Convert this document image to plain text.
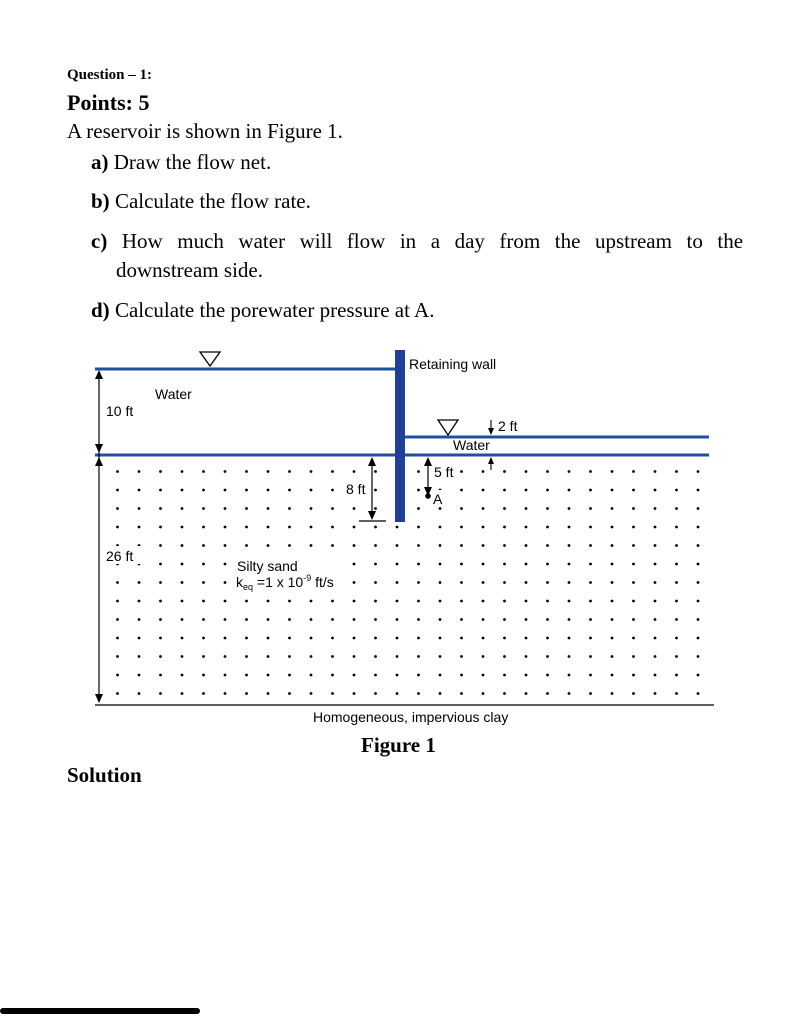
Question – 1:
Points: 5
A reservoir is shown in Figure 1.
a) Draw the flow net.
b) Calculate the flow rate.
c) How much water will flow in a day from the upstream to the
downstream side.
d) Calculate the porewater pressure at A.
Retaining wall
Water
Water
10 ft
26 ft
8 ft
5 ft
A
2 ft
Silty sand
$k_{eq} =1$ x $10^{-9}$ ft/s
Homogeneous, impervious clay
Figure 1
Solution
